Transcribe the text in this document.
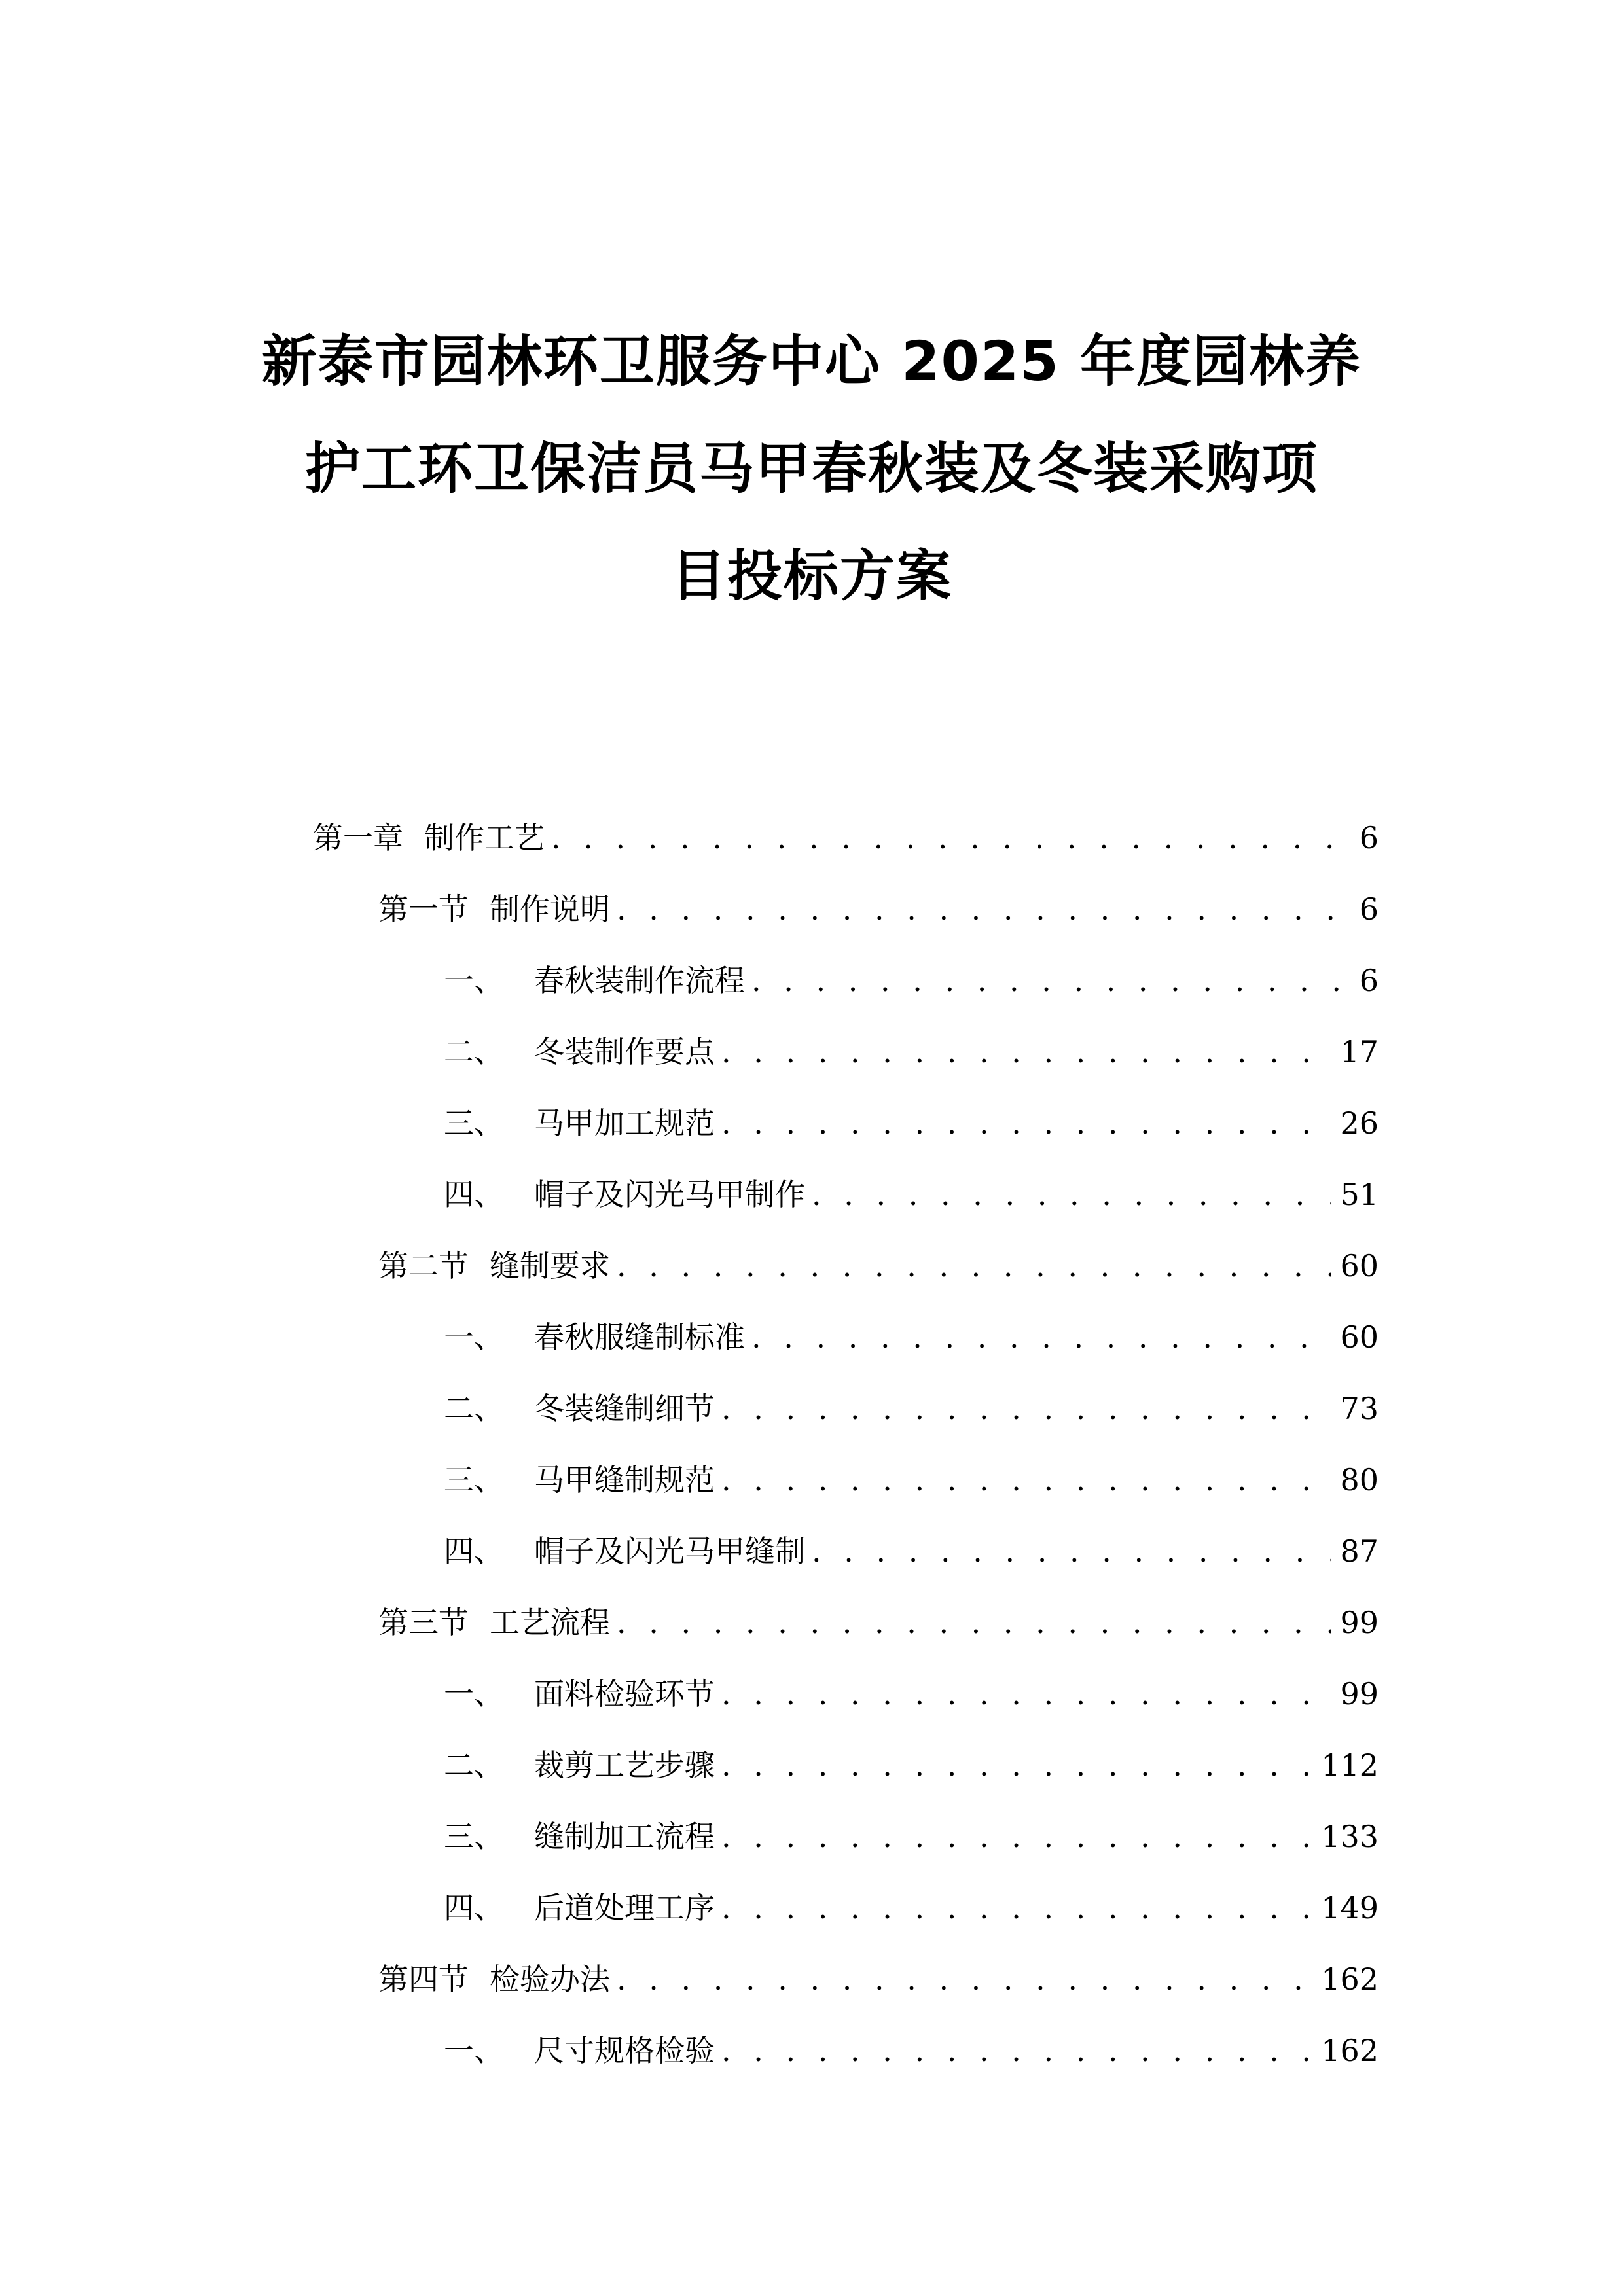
新泰市园林环卫服务中心 2025 年度园林养
护工环卫保洁员马甲春秋装及冬装采购项
目投标方案
第一章 制作工艺 . . .	6
第一节 制作说明 . . .	6
一、 春秋装制作流程 . . .	6
二、 冬装制作要点 . . .	17
三、 马甲加工规范 . . .	26
四、 帽子及闪光马甲制作 . . .	51
第二节 缝制要求 . . .	60
一、 春秋服缝制标准 . . .	60
二、 冬装缝制细节 . . .	73
三、 马甲缝制规范 . . .	80
四、 帽子及闪光马甲缝制 . . .	87
第三节 工艺流程 . . .	99
一、 面料检验环节 . . .	99
二、 裁剪工艺步骤 . . .	112
三、 缝制加工流程 . . .	133
四、 后道处理工序 . . .	149
第四节 检验办法 . . .	162
一、 尺寸规格检验 . . .	162
